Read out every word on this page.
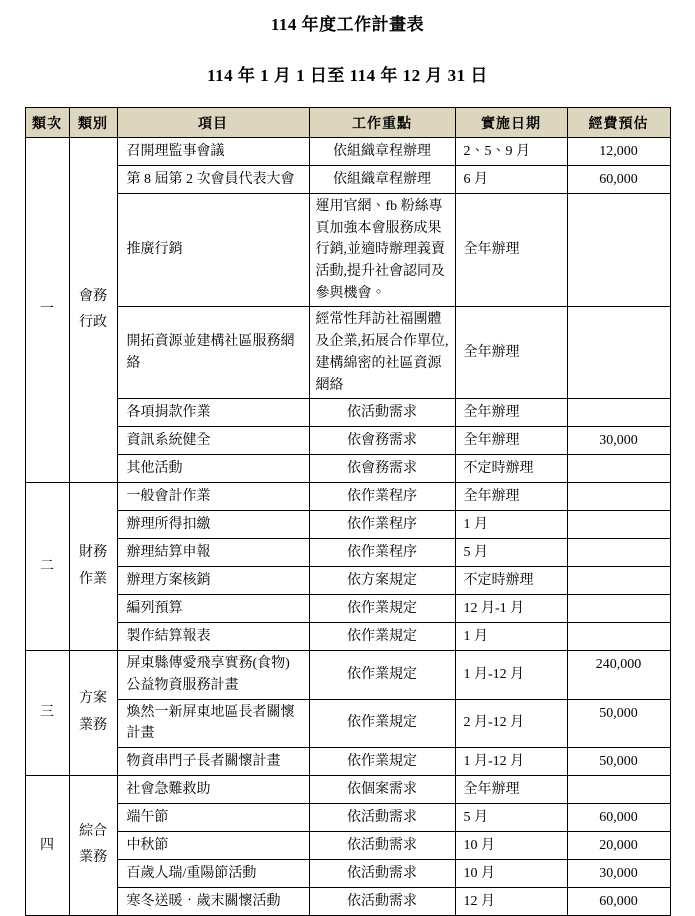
114 年度工作計畫表
114 年 1 月 1 日至 114 年 12 月 31 日
類次	類別	項目	工作重點	實施日期	經費預估
一	會務行政	召開理監事會議	依組織章程辦理	2、5、9 月	12,000
		第 8 屆第 2 次會員代表大會	依組織章程辦理	6 月	60,000
		推廣行銷	運用官網、fb 粉絲專頁加強本會服務成果行銷,並適時辦理義賣活動,提升社會認同及參與機會。	全年辦理	
		開拓資源並建構社區服務網絡	經常性拜訪社福團體及企業,拓展合作單位,建構綿密的社區資源網絡	全年辦理	
		各項捐款作業	依活動需求	全年辦理	
		資訊系統健全	依會務需求	全年辦理	30,000
		其他活動	依會務需求	不定時辦理	
二	財務作業	一般會計作業	依作業程序	全年辦理	
		辦理所得扣繳	依作業程序	1 月	
		辦理結算申報	依作業程序	5 月	
		辦理方案核銷	依方案規定	不定時辦理	
		編列預算	依作業規定	12 月-1 月	
		製作結算報表	依作業規定	1 月	
三	方案業務	屏東縣傳愛飛享實務(食物)公益物資服務計畫	依作業規定	1 月-12 月	240,000
		煥然一新屏東地區長者關懷計畫	依作業規定	2 月-12 月	50,000
		物資串門子長者關懷計畫	依作業規定	1 月-12 月	50,000
四	綜合業務	社會急難救助	依個案需求	全年辦理	
		端午節	依活動需求	5 月	60,000
		中秋節	依活動需求	10 月	20,000
		百歲人瑞/重陽節活動	依活動需求	10 月	30,000
		寒冬送暖‧歲末關懷活動	依活動需求	12 月	60,000
